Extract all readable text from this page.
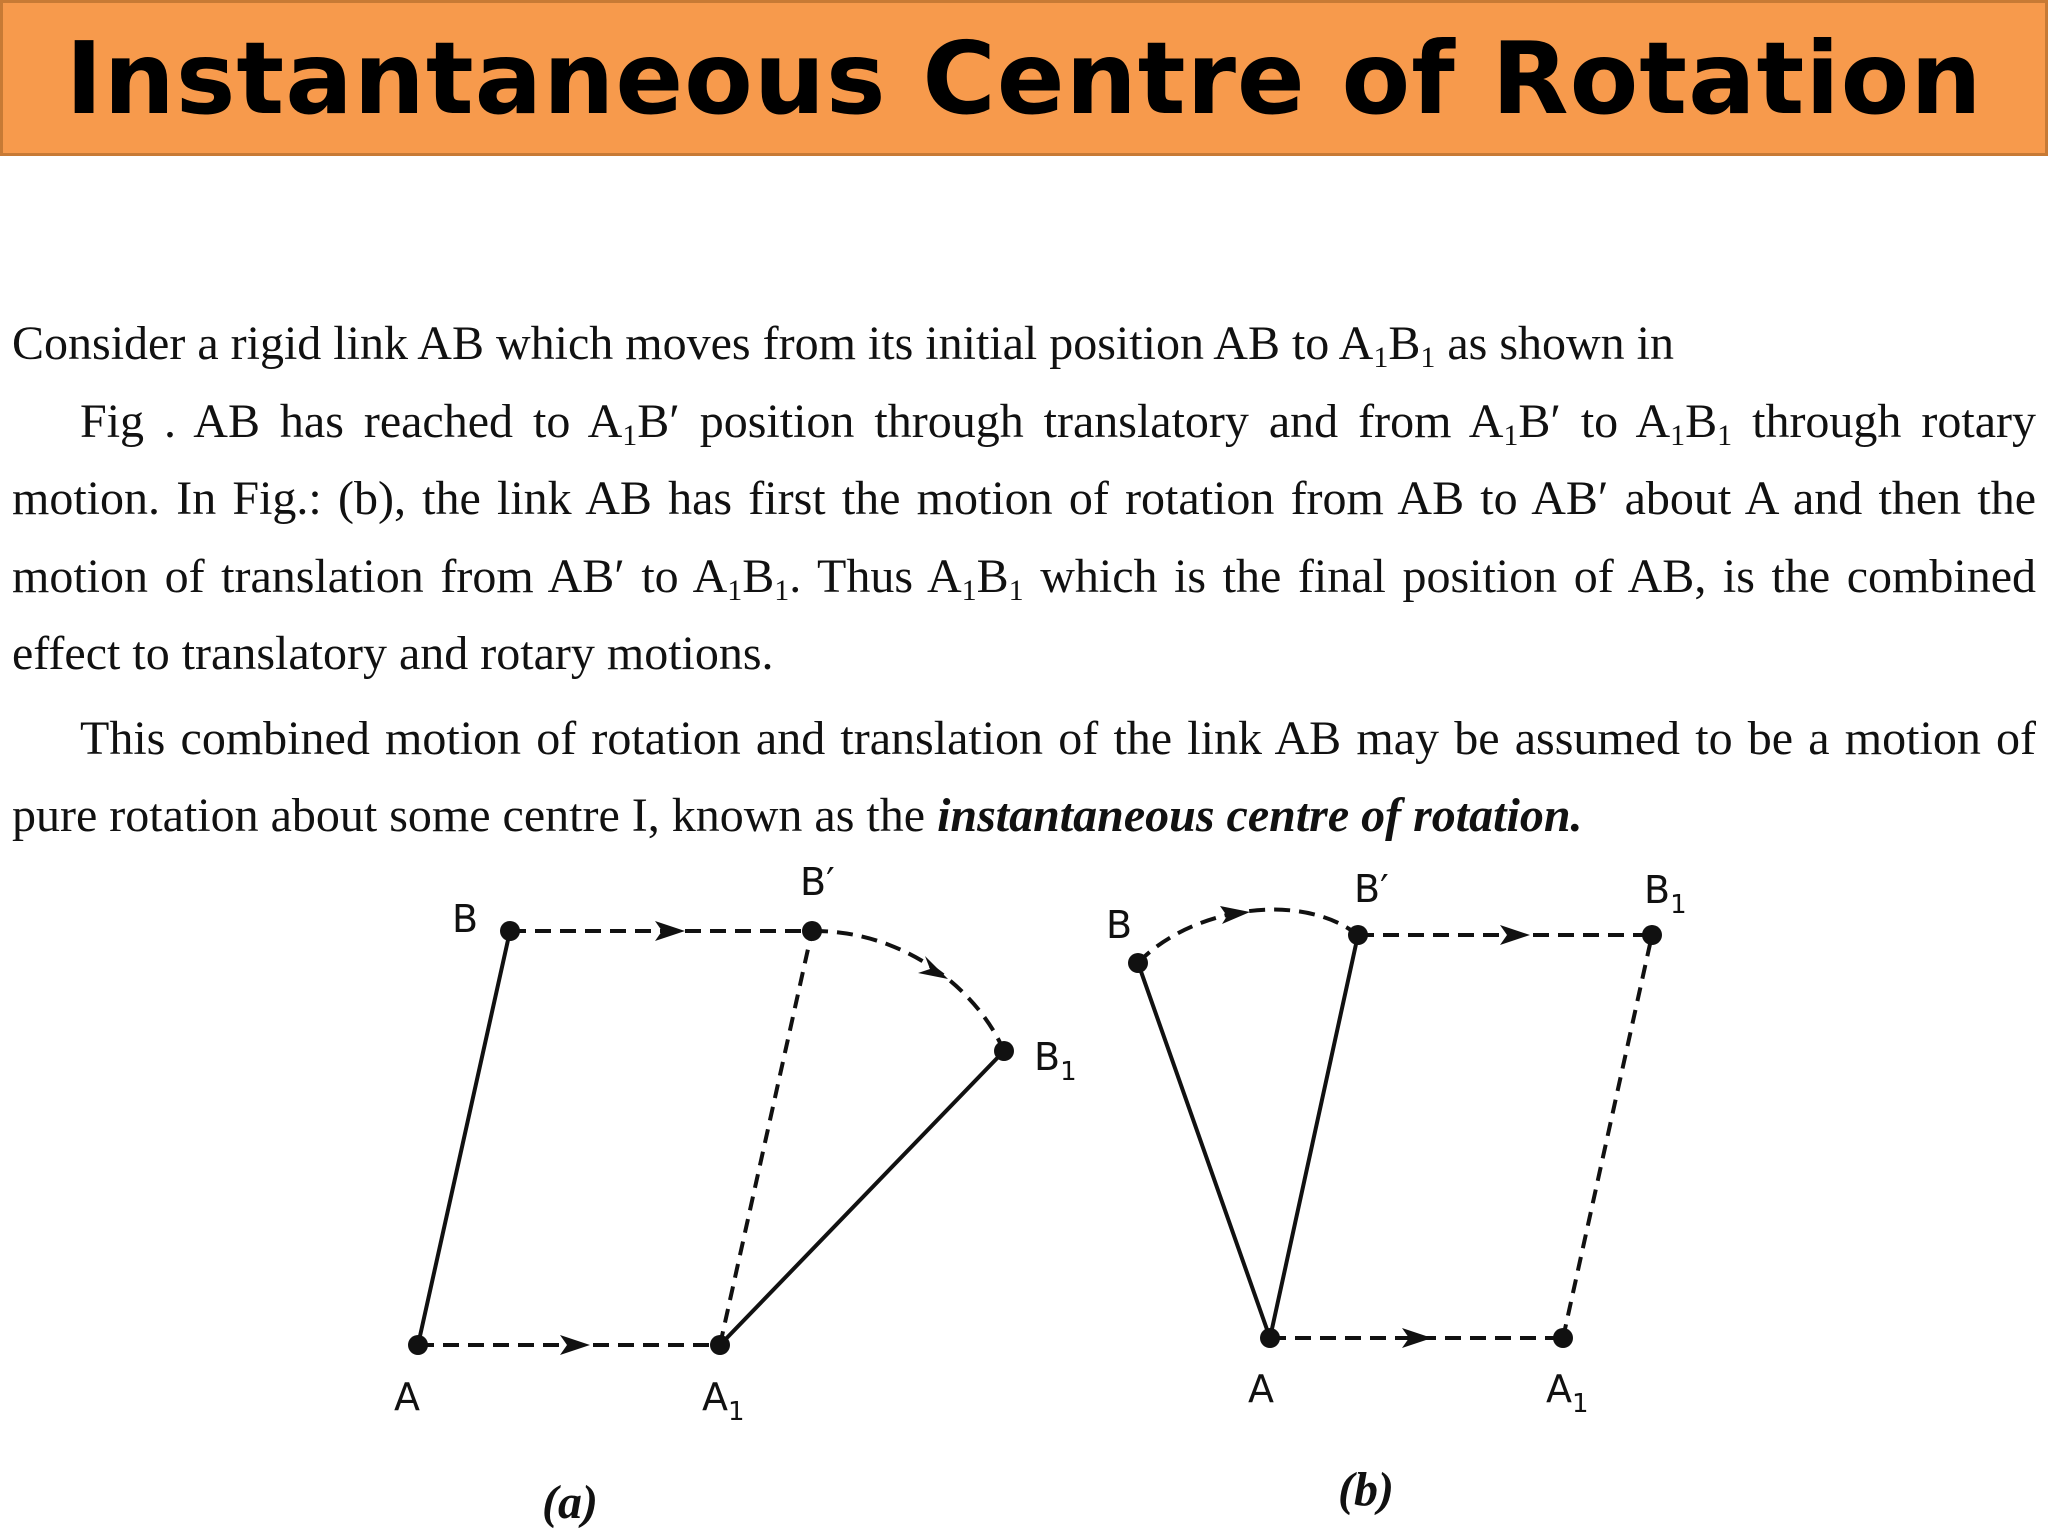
Instantaneous Centre of Rotation

Consider a rigid link AB which moves from its initial position AB to $A_1B_1$ as shown in
Fig . AB has reached to $A_1B'$ position through translatory and from $A_1B'$ to $A_1B_1$ through rotary motion. In Fig.: (b), the link AB has first the motion of rotation from AB to AB′ about A and then the motion of translation from AB′ to $A_1B_1$. Thus $A_1B_1$ which is the final position of AB, is the combined effect to translatory and rotary motions.

This combined motion of rotation and translation of the link AB may be assumed to be a motion of pure rotation about some centre I, known as the instantaneous centre of rotation.

B
B′
$B_1$
A	$A_1$
(a)
B
B′	$B_1$
A	$A_1$
(b)
